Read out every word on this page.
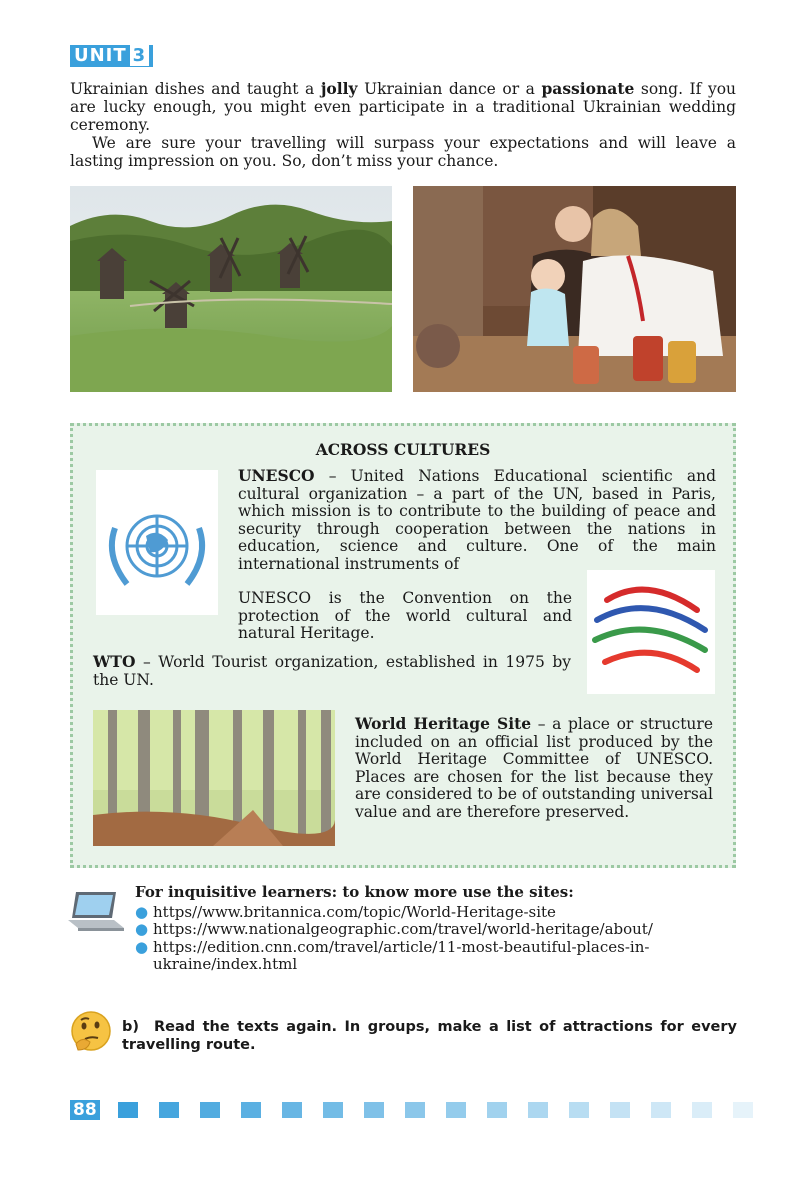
UNIT 3

Ukrainian dishes and taught a jolly Ukrainian dance or a passionate song. If you are lucky enough, you might even participate in a traditional Ukrainian wedding ceremony.

We are sure your travelling will surpass your expectations and will leave a lasting impression on you. So, don’t miss your chance.

ACROSS CULTURES
UNESCO – United Nations Educational scientific and cultural organization – a part of the UN, based in Paris, which mission is to contribute to the building of peace and security through cooperation between the nations in education, science and culture. One of the main international instruments of
UNESCO is the Convention on the protection of the world cultural and natural Heritage.
WTO – World Tourist organization, established in 1975 by the UN.
World Heritage Site – a place or structure included on an official list produced by the World Heritage Committee of UNESCO. Places are chosen for the list because they are considered to be of outstanding universal value and are therefore preserved.
For inquisitive learners: to know more use the sites:
● https//www.britannica.com/topic/World-Heritage-site
● https://www.nationalgeographic.com/travel/world-heritage/about/
● https://edition.cnn.com/travel/article/11-most-beautiful-places-in-ukraine/index.html
b) Read the texts again. In groups, make a list of attractions for every travelling route.
88
